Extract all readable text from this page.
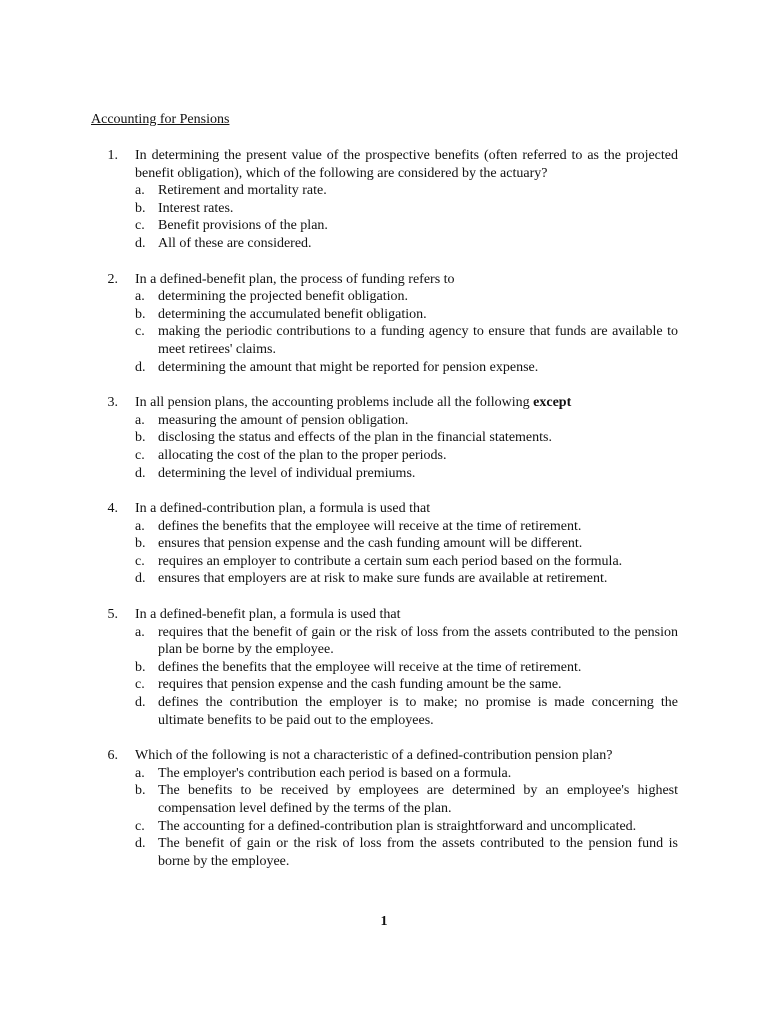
Accounting for Pensions
1. In determining the present value of the prospective benefits (often referred to as the projected benefit obligation), which of the following are considered by the actuary?
a. Retirement and mortality rate.
b. Interest rates.
c. Benefit provisions of the plan.
d. All of these are considered.
2. In a defined-benefit plan, the process of funding refers to
a. determining the projected benefit obligation.
b. determining the accumulated benefit obligation.
c. making the periodic contributions to a funding agency to ensure that funds are available to meet retirees' claims.
d. determining the amount that might be reported for pension expense.
3. In all pension plans, the accounting problems include all the following except
a. measuring the amount of pension obligation.
b. disclosing the status and effects of the plan in the financial statements.
c. allocating the cost of the plan to the proper periods.
d. determining the level of individual premiums.
4. In a defined-contribution plan, a formula is used that
a. defines the benefits that the employee will receive at the time of retirement.
b. ensures that pension expense and the cash funding amount will be different.
c. requires an employer to contribute a certain sum each period based on the formula.
d. ensures that employers are at risk to make sure funds are available at retirement.
5. In a defined-benefit plan, a formula is used that
a. requires that the benefit of gain or the risk of loss from the assets contributed to the pension plan be borne by the employee.
b. defines the benefits that the employee will receive at the time of retirement.
c. requires that pension expense and the cash funding amount be the same.
d. defines the contribution the employer is to make; no promise is made concerning the ultimate benefits to be paid out to the employees.
6. Which of the following is not a characteristic of a defined-contribution pension plan?
a. The employer's contribution each period is based on a formula.
b. The benefits to be received by employees are determined by an employee's highest compensation level defined by the terms of the plan.
c. The accounting for a defined-contribution plan is straightforward and uncomplicated.
d. The benefit of gain or the risk of loss from the assets contributed to the pension fund is borne by the employee.
1
